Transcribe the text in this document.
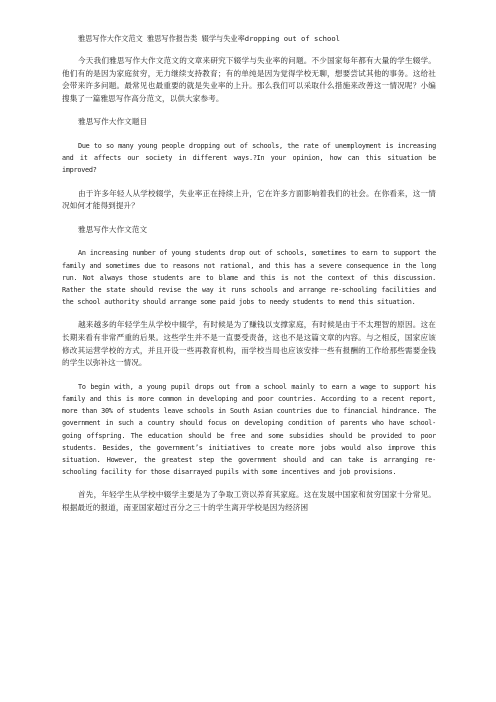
雅思写作大作文范文 雅思写作报告类 辍学与失业率dropping out of school
今天我们雅思写作大作文范文的文章来研究下辍学与失业率的问题。不少国家每年都有大量的学生辍学。他们有的是因为家庭贫穷，无力继续支持教育；有的单纯是因为觉得学校无聊，想要尝试其他的事务。这给社会带来许多问题。最常见也最重要的就是失业率的上升。那么我们可以采取什么措施来改善这一情况呢？小编搜集了一篇雅思写作高分范文，以供大家参考。
雅思写作大作文题目
Due to so many young people dropping out of schools, the rate of unemployment is increasing and it affects our society in different ways.?In your opinion, how can this situation be improved?
由于许多年轻人从学校辍学，失业率正在持续上升，它在许多方面影响着我们的社会。在你看来，这一情况如何才能得到提升？
雅思写作大作文范文
An increasing number of young students drop out of schools, sometimes to earn to support the family and sometimes due to reasons not rational, and this has a severe consequence in the long run. Not always those students are to blame and this is not the context of this discussion. Rather the state should revise the way it runs schools and arrange re-schooling facilities and the school authority should arrange some paid jobs to needy students to mend this situation.
越来越多的年轻学生从学校中辍学，有时候是为了赚钱以支撑家庭，有时候是由于不太理智的原因。这在长期来看有非常严重的后果。这些学生并不是一直要受责备，这也不是这篇文章的内容。与之相反，国家应该修改其运营学校的方式，并且开设一些再教育机构，而学校当局也应该安排一些有报酬的工作给那些需要金钱的学生以弥补这一情况。
To begin with, a young pupil drops out from a school mainly to earn a wage to support his family and this is more common in developing and poor countries. According to a recent report, more than 30% of students leave schools in South Asian countries due to financial hindrance. The government in such a country should focus on developing condition of parents who have school-going offspring. The education should be free and some subsidies should be provided to poor students. Besides, the government’s initiatives to create more jobs would also improve this situation. However, the greatest step the government should and can take is arranging re-schooling facility for those disarrayed pupils with some incentives and job provisions.
首先，年轻学生从学校中辍学主要是为了争取工资以养育其家庭。这在发展中国家和贫穷国家十分常见。根据最近的报道，南亚国家超过百分之三十的学生离开学校是因为经济困
